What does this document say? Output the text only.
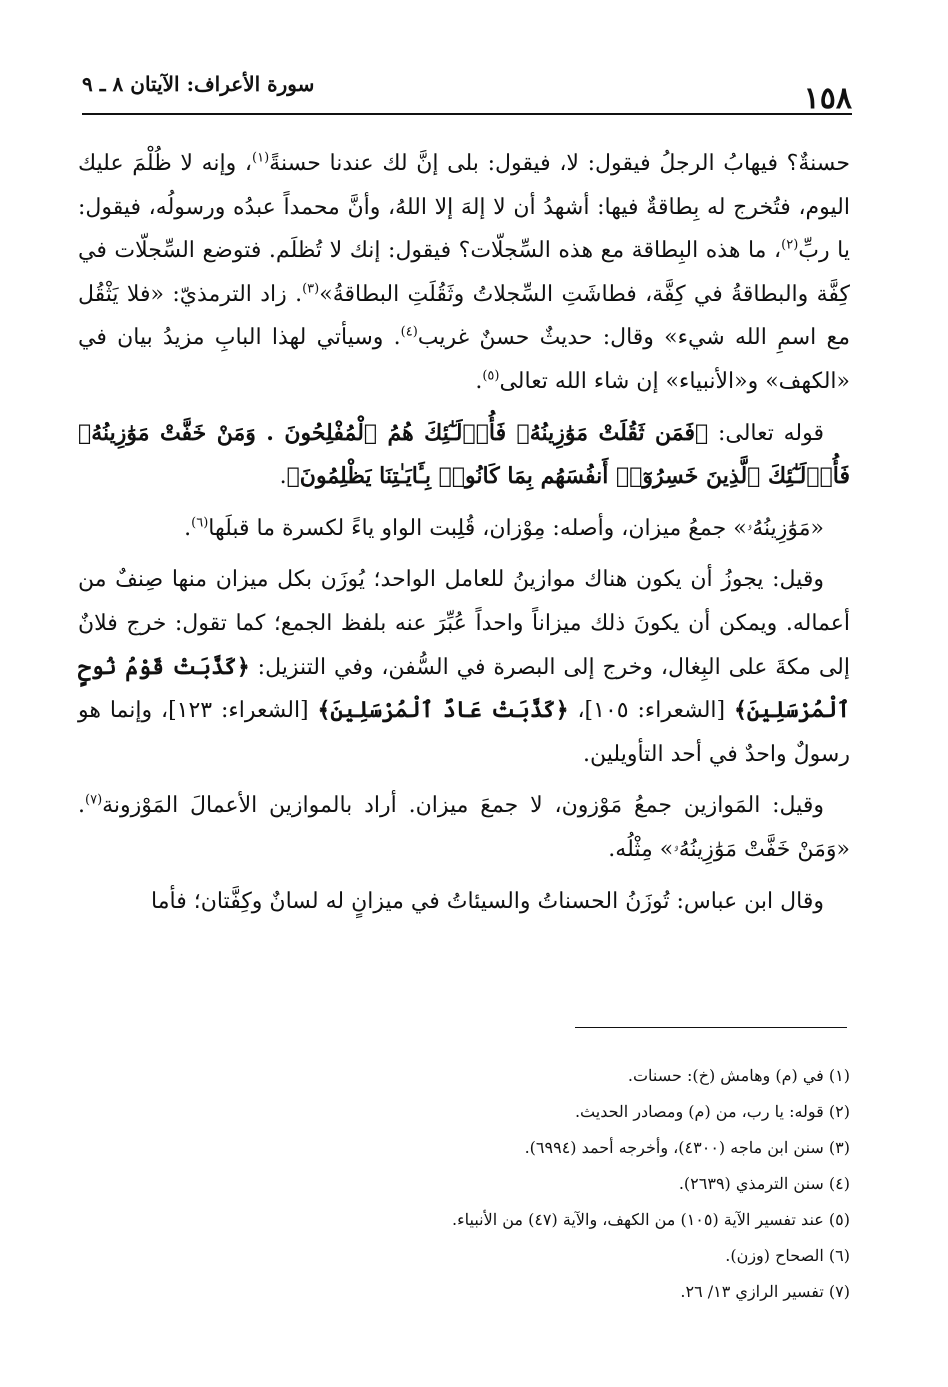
١٥٨
سورة الأعراف: الآيتان ٨ ـ ٩

حسنةٌ؟ فيهابُ الرجلُ فيقول: لا، فيقول: بلى إنَّ لك عندنا حسنةً$^{(١)}$، وإنه لا ظُلْمَ عليك اليوم، فتُخرج له بِطاقةٌ فيها: أشهدُ أن لا إلهَ إلا اللهُ، وأنَّ محمداً عبدُه ورسولُه، فيقول: يا ربِّ$^{(٢)}$، ما هذه البِطاقة مع هذه السِّجلّات؟ فيقول: إنك لا تُظلَم. فتوضع السِّجلّات في كِفَّة والبطاقةُ في كِفَّة، فطاشَتِ السِّجلاتُ وثَقُلَتِ البطاقةُ»$^{(٣)}$. زاد الترمذيّ: «فلا يَثْقُل مع اسمِ الله شيء» وقال: حديثٌ حسنٌ غريب$^{(٤)}$. وسيأتي لهذا البابِ مزيدُ بيان في «الكهف» و«الأنبياء» إن شاء الله تعالى$^{(٥)}$.

قوله تعالى: ﴿فَمَن ثَقُلَتْ مَوَٰزِينُهُۥ فَأُو۟لَـٰٓئِكَ هُمُ ٱلْمُفْلِحُونَ . وَمَنْ خَفَّتْ مَوَٰزِينُهُۥ فَأُو۟لَـٰٓئِكَ ٱلَّذِينَ خَسِرُوٓا۟ أَنفُسَهُم بِمَا كَانُوا۟ بِـَٔايَـٰتِنَا يَظْلِمُونَ﴾.

«مَوَٰزِينُهُۥ» جمعُ ميزان، وأصله: مِوْزان، قُلِبت الواو ياءً لكسرة ما قبلَها$^{(٦)}$.

وقيل: يجوزُ أن يكون هناك موازينُ للعامل الواحد؛ يُوزَن بكل ميزان منها صِنفٌ من أعماله. ويمكن أن يكونَ ذلك ميزاناً واحداً عُبِّرَ عنه بلفظ الجمع؛ كما تقول: خرج فلانٌ إلى مكةَ على البِغال، وخرج إلى البصرة في السُّفن، وفي التنزيل: ﴿كَذَّبَتْ قَوْمُ نُوحٍ ٱلْمُرْسَلِينَ﴾ [الشعراء: ١٠٥]، ﴿كَذَّبَتْ عَادٌ ٱلْمُرْسَلِينَ﴾ [الشعراء: ١٢٣]، وإنما هو رسولٌ واحدٌ في أحد التأويلين.

وقيل: المَوازين جمعُ مَوْزون، لا جمعَ ميزان. أراد بالموازين الأعمالَ المَوْزونة$^{(٧)}$. «وَمَنْ خَفَّتْ مَوَٰزِينُهُۥ» مِثْلُه.

وقال ابن عباس: تُوزَنُ الحسناتُ والسيئاتُ في ميزانٍ له لسانٌ وكِفَّتان؛ فأما

(١) في (م) وهامش (خ): حسنات.

(٢) قوله: يا رب، من (م) ومصادر الحديث.

(٣) سنن ابن ماجه (٤٣٠٠)، وأخرجه أحمد (٦٩٩٤).

(٤) سنن الترمذي (٢٦٣٩).

(٥) عند تفسير الآية (١٠٥) من الكهف، والآية (٤٧) من الأنبياء.

(٦) الصحاح (وزن).

(٧) تفسير الرازي ١٣/ ٢٦.
